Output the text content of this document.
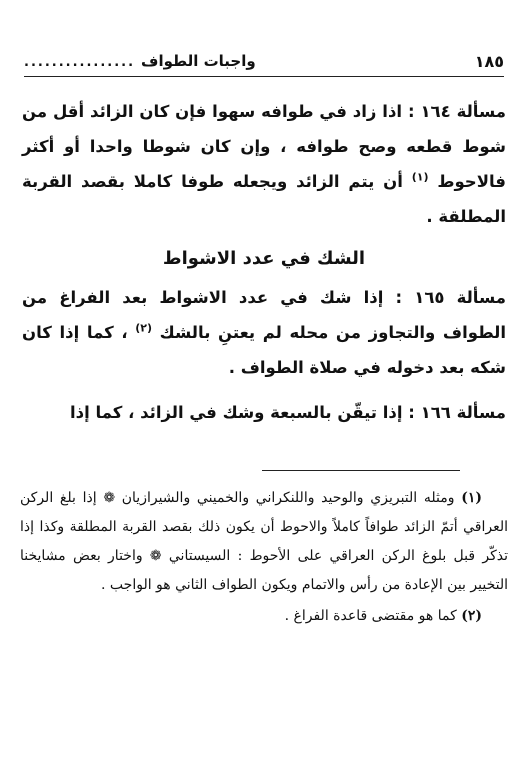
واجبات الطواف
................	١٨٥

مسألة ١٦٤ : اذا زاد في طوافه سهوا فإن كان الزائد أقل من شوط قطعه وصح طوافه ، وإن كان شوطا واحدا أو أكثر فالاحوط $^{(١)}$ أن يتم الزائد ويجعله طوفا كاملا بقصد القربة المطلقة .

الشك في عدد الاشواط

مسألة ١٦٥ : إذا شك في عدد الاشواط بعد الفراغ من الطواف والتجاوز من محله لم يعتنِ بالشك $^{(٢)}$ ، كما إذا كان شكه بعد دخوله في صلاة الطواف .

مسألة ١٦٦ : إذا تيقّن بالسبعة وشك في الزائد ، كما إذا

(١) ومثله التبريزي والوحيد واللنكراني والخميني والشيرازيان ❁ إذا بلغ الركن العراقي أتمّ الزائد طوافاً كاملاً والاحوط أن يكون ذلك بقصد القربة المطلقة وكذا إذا تذكّر قبل بلوغ الركن العراقي على الأحوط : السيستاني ❁ واختار بعض مشايخنا التخيير بين الإعادة من رأس والاتمام ويكون الطواف الثاني هو الواجب .

(٢) كما هو مقتضى قاعدة الفراغ .
